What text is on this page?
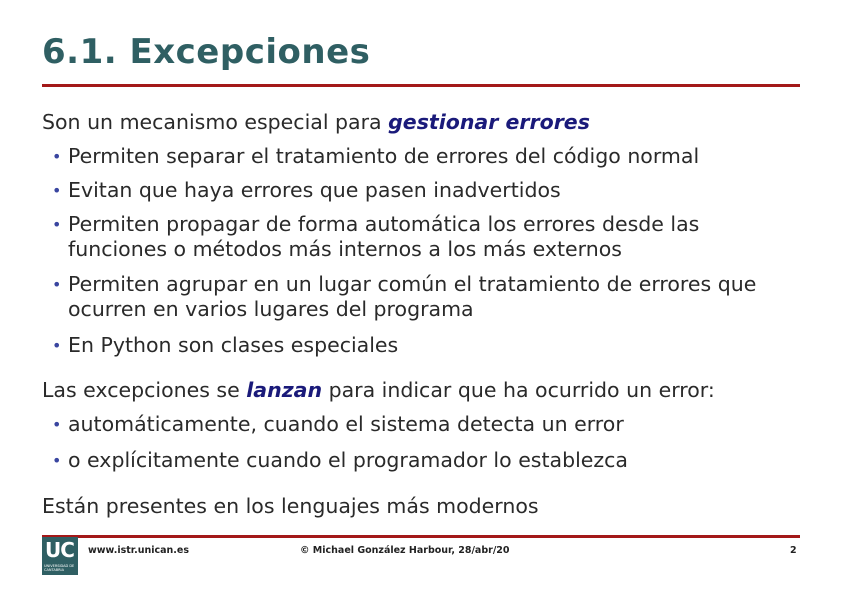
6.1. Excepciones
Son un mecanismo especial para gestionar errores
• Permiten separar el tratamiento de errores del código normal
• Evitan que haya errores que pasen inadvertidos
• Permiten propagar de forma automática los errores desde las
funciones o métodos más internos a los más externos
• Permiten agrupar en un lugar común el tratamiento de errores que
ocurren en varios lugares del programa
• En Python son clases especiales
Las excepciones se lanzan para indicar que ha ocurrido un error:
• automáticamente, cuando el sistema detecta un error
• o explícitamente cuando el programador lo establezca
Están presentes en los lenguajes más modernos
UC
UNIVERSIDAD DE CANTABRIA
www.istr.unican.es	© Michael González Harbour, 28/abr/20	2
